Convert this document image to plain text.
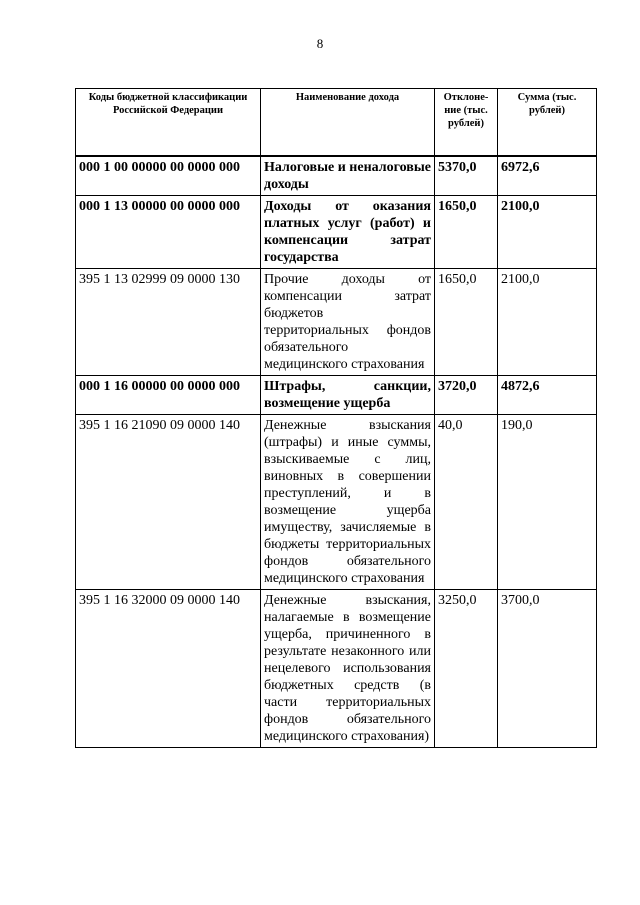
8
Коды бюджетной классификации Российской Федерации	Наименование дохода	Отклоне-ние (тыс. рублей)	Сумма (тыс. рублей)
000 1 00 00000 00 0000 000	Налоговые и неналоговые доходы	5370,0	6972,6
000 1 13 00000 00 0000 000	Доходы от оказания платных услуг (работ) и компенсации затрат государства	1650,0	2100,0
395 1 13 02999 09 0000 130	Прочие доходы от компенсации затрат бюджетов территориальных фондов обязательного медицинского страхования	1650,0	2100,0
000 1 16 00000 00 0000 000	Штрафы, санкции, возмещение ущерба	3720,0	4872,6
395 1 16 21090 09 0000 140	Денежные взыскания (штрафы) и иные суммы, взыскиваемые с лиц, виновных в совершении преступлений, и в возмещение ущерба имуществу, зачисляемые в бюджеты территориальных фондов обязательного медицинского страхования	40,0	190,0
395 1 16 32000 09 0000 140	Денежные взыскания, налагаемые в возмещение ущерба, причиненного в результате незаконного или нецелевого использования бюджетных средств (в части территориальных фондов обязательного медицинского страхования)	3250,0	3700,0
